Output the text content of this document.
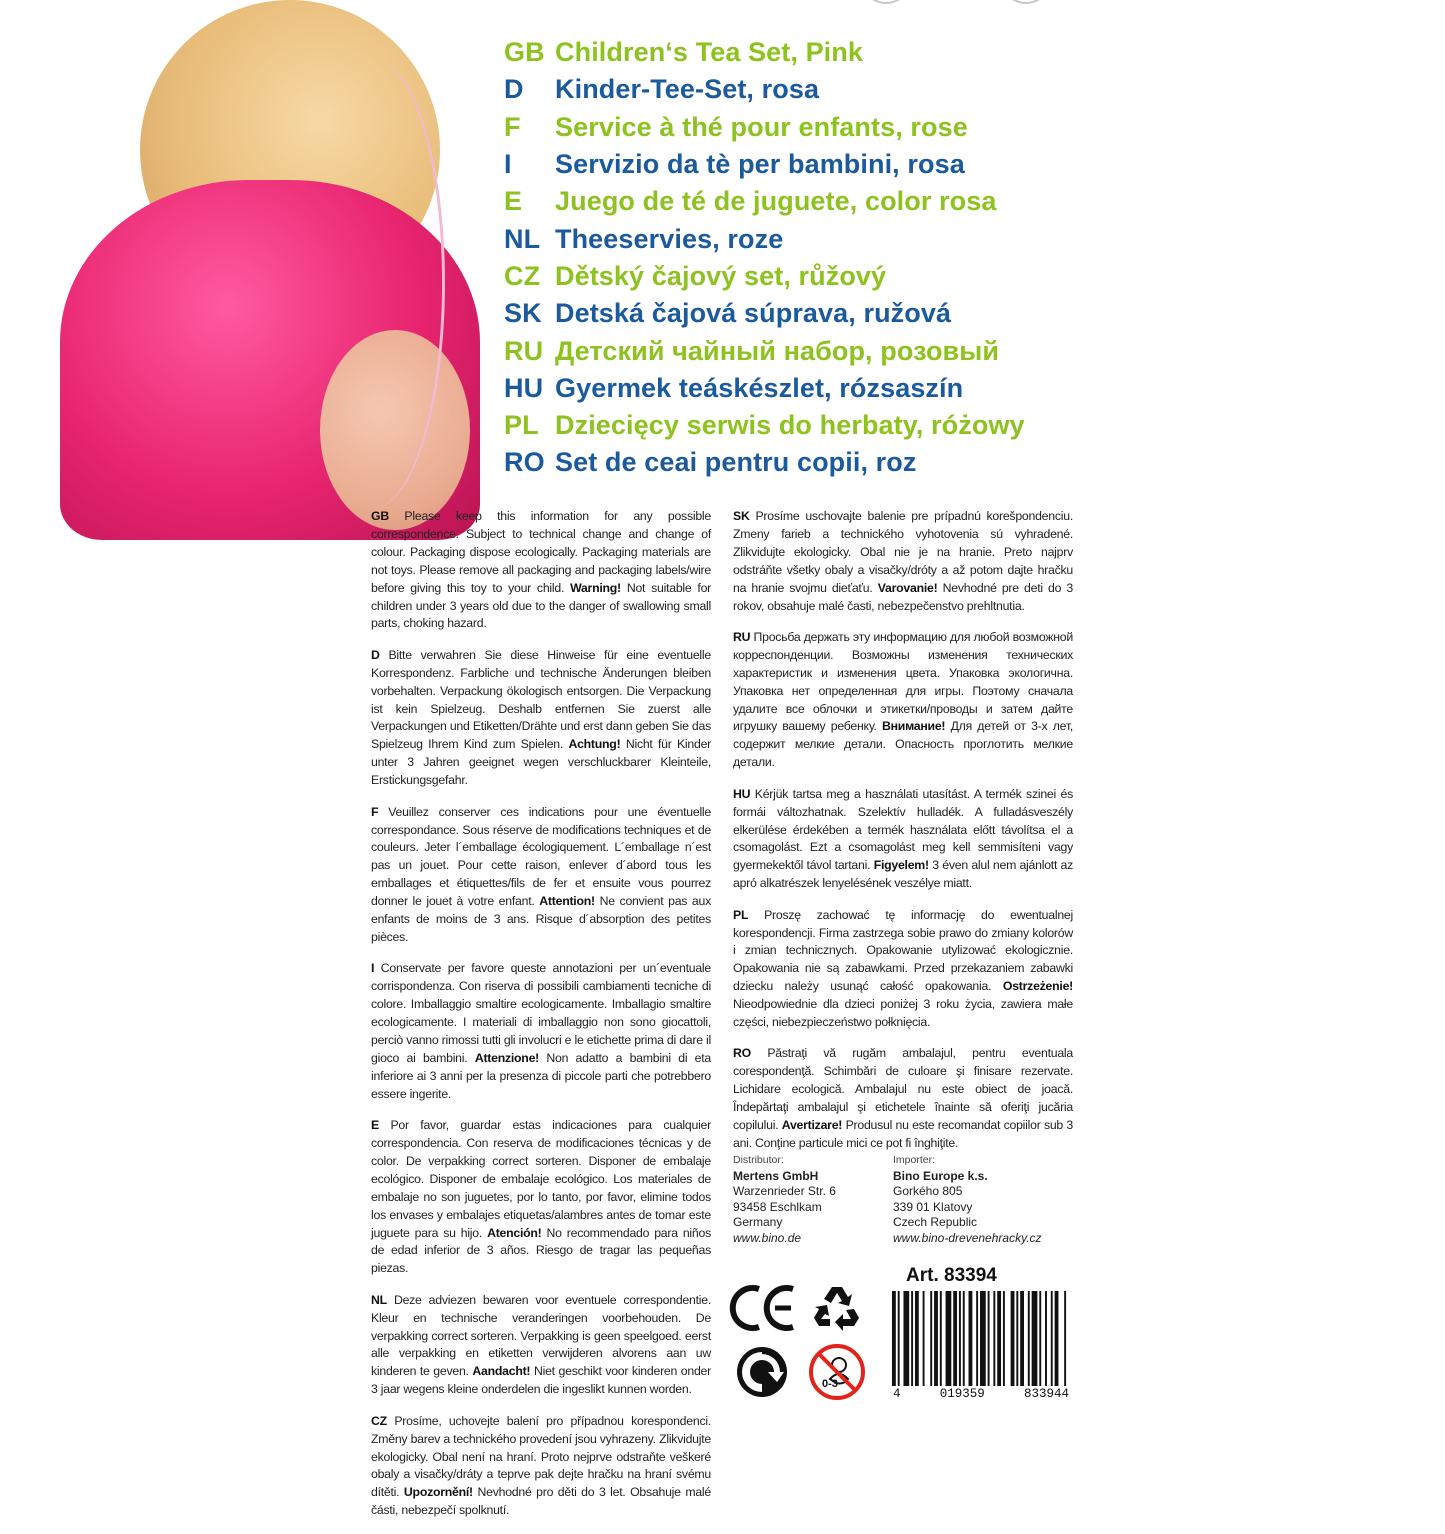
GB Children‘s Tea Set, Pink
D	Kinder-Tee-Set, rosa
F	Service à thé pour enfants, rose
I	Servizio da tè per bambini, rosa
E	Juego de té de juguete, color rosa
NL Theeservies, roze
CZ Dětský čajový set, růžový
SK Detská čajová súprava, ružová
RU Детский чайный набор, розовый
HU Gyermek teáskészlet, rózsaszín
PL Dziecięcy serwis do herbaty, różowy
RO Set de ceai pentru copii, roz
GB Please keep this information for any possible correspondence. Subject to technical change and change of colour. Packaging dispose ecologically. Packaging materials are not toys. Please remove all packaging and packaging labels/wire before giving this toy to your child. Warning! Not suitable for children under 3 years old due to the danger of swallowing small parts, choking hazard.
D Bitte verwahren Sie diese Hinweise für eine eventuelle Korrespondenz. Farbliche und technische Änderungen bleiben vorbehalten. Verpackung ökologisch entsorgen. Die Verpackung ist kein Spielzeug. Deshalb entfernen Sie zuerst alle Verpackungen und Etiketten/Drähte und erst dann geben Sie das Spielzeug Ihrem Kind zum Spielen. Achtung! Nicht für Kinder unter 3 Jahren geeignet wegen verschluckbarer Kleinteile, Erstickungsgefahr.
F Veuillez conserver ces indications pour une éventuelle correspondance. Sous réserve de modifications techniques et de couleurs. Jeter l´emballage écologiquement. L´emballage n´est pas un jouet. Pour cette raison, enlever d´abord tous les emballages et étiquettes/fils de fer et ensuite vous pourrez donner le jouet à votre enfant. Attention! Ne convient pas aux enfants de moins de 3 ans. Risque d´absorption des petites pièces.
I Conservate per favore queste annotazioni per un´eventuale corrispondenza. Con riserva di possibili cambiamenti tecniche di colore. Imballaggio smaltire ecologicamente. Imballagio smaltire ecologicamente. I materiali di imballaggio non sono giocattoli, perciò vanno rimossi tutti gli involucri e le etichette prima di dare il gioco ai bambini. Attenzione! Non adatto a bambini di eta inferiore ai 3 anni per la presenza di piccole parti che potrebbero essere ingerite.
E Por favor, guardar estas indicaciones para cualquier correspondencia. Con reserva de modificaciones técnicas y de color. De verpakking correct sorteren. Disponer de embalaje ecológico. Disponer de embalaje ecológico. Los materiales de embalaje no son juguetes, por lo tanto, por favor, elimine todos los envases y embalajes etiquetas/alambres antes de tomar este juguete para su hijo. Atención! No recommendado para niños de edad inferior de 3 años. Riesgo de tragar las pequeñas piezas.
NL Deze adviezen bewaren voor eventuele correspondentie. Kleur en technische veranderingen voorbehouden. De verpakking correct sorteren. Verpakking is geen speelgoed. eerst alle verpakking en etiketten verwijderen alvorens aan uw kinderen te geven. Aandacht! Niet geschikt voor kinderen onder 3 jaar wegens kleine onderdelen die ingeslikt kunnen worden.
CZ Prosíme, uchovejte balení pro případnou korespondenci. Změny barev a technického provedení jsou vyhrazeny. Zlikvidujte ekologicky. Obal není na hraní. Proto nejprve odstraňte veškeré obaly a visačky/dráty a teprve pak dejte hračku na hraní svému dítěti. Upozornění! Nevhodné pro děti do 3 let. Obsahuje malé části, nebezpečí spolknutí.
SK Prosíme uschovajte balenie pre prípadnú korešpondenciu. Zmeny farieb a technického vyhotovenia sú vyhradené. Zlikvidujte ekologicky. Obal nie je na hranie. Preto najprv odstráňte všetky obaly a visačky/dróty a až potom dajte hračku na hranie svojmu dieťaťu. Varovanie! Nevhodné pre deti do 3 rokov, obsahuje malé časti, nebezpečenstvo prehltnutia.
RU Просьба держать эту информацию для любой возможной корреспонденции. Возможны изменения технических характеристик и изменения цвета. Упаковка экологична. Упаковка нет определенная для игры. Поэтому сначала удалите все облочки и этикетки/проводы и затем дайте игрушку вашему ребенку. Внимание! Для детей от 3-х лет, содержит мелкие детали. Опасность проглотить мелкие детали.
HU Kérjük tartsa meg a használati utasítást. A termék szinei és formái változhatnak. Szelektív hulladék. A fulladásveszély elkerülése érdekében a termék használata előtt távolítsa el a csomagolást. Ezt a csomagolást meg kell semmisíteni vagy gyermekektől távol tartani. Figyelem! 3 éven alul nem ajánlott az apró alkatrészek lenyelésének veszélye miatt.
PL Proszę zachować tę informację do ewentualnej korespondencji. Firma zastrzega sobie prawo do zmiany kolorów i zmian technicznych. Opakowanie utylizować ekologicznie. Opakowania nie są zabawkami. Przed przekazaniem zabawki dziecku należy usunąć całość opakowania. Ostrzeżenie! Nieodpowiednie dla dzieci poniżej 3 roku życia, zawiera małe części, niebezpieczeństwo połknięcia.
RO Păstraţi vă rugăm ambalajul, pentru eventuala corespondenţă. Schimbări de culoare şi finisare rezervate. Lichidare ecologică. Ambalajul nu este obiect de joacă. Îndepărtaţi ambalajul şi etichetele înainte să oferiţi jucăria copilului. Avertizare! Produsul nu este recomandat copiilor sub 3 ani. Conţine particule mici ce pot fi înghiţite.
Distributor:
Mertens GmbH
Warzenrieder Str. 6
93458 Eschlkam
Germany
www.bino.de
Importer:
Bino Europe k.s.
Gorkého 805
339 01 Klatovy
Czech Republic
www.bino-drevenehracky.cz
Art. 83394
0-3
4	019359	833944
